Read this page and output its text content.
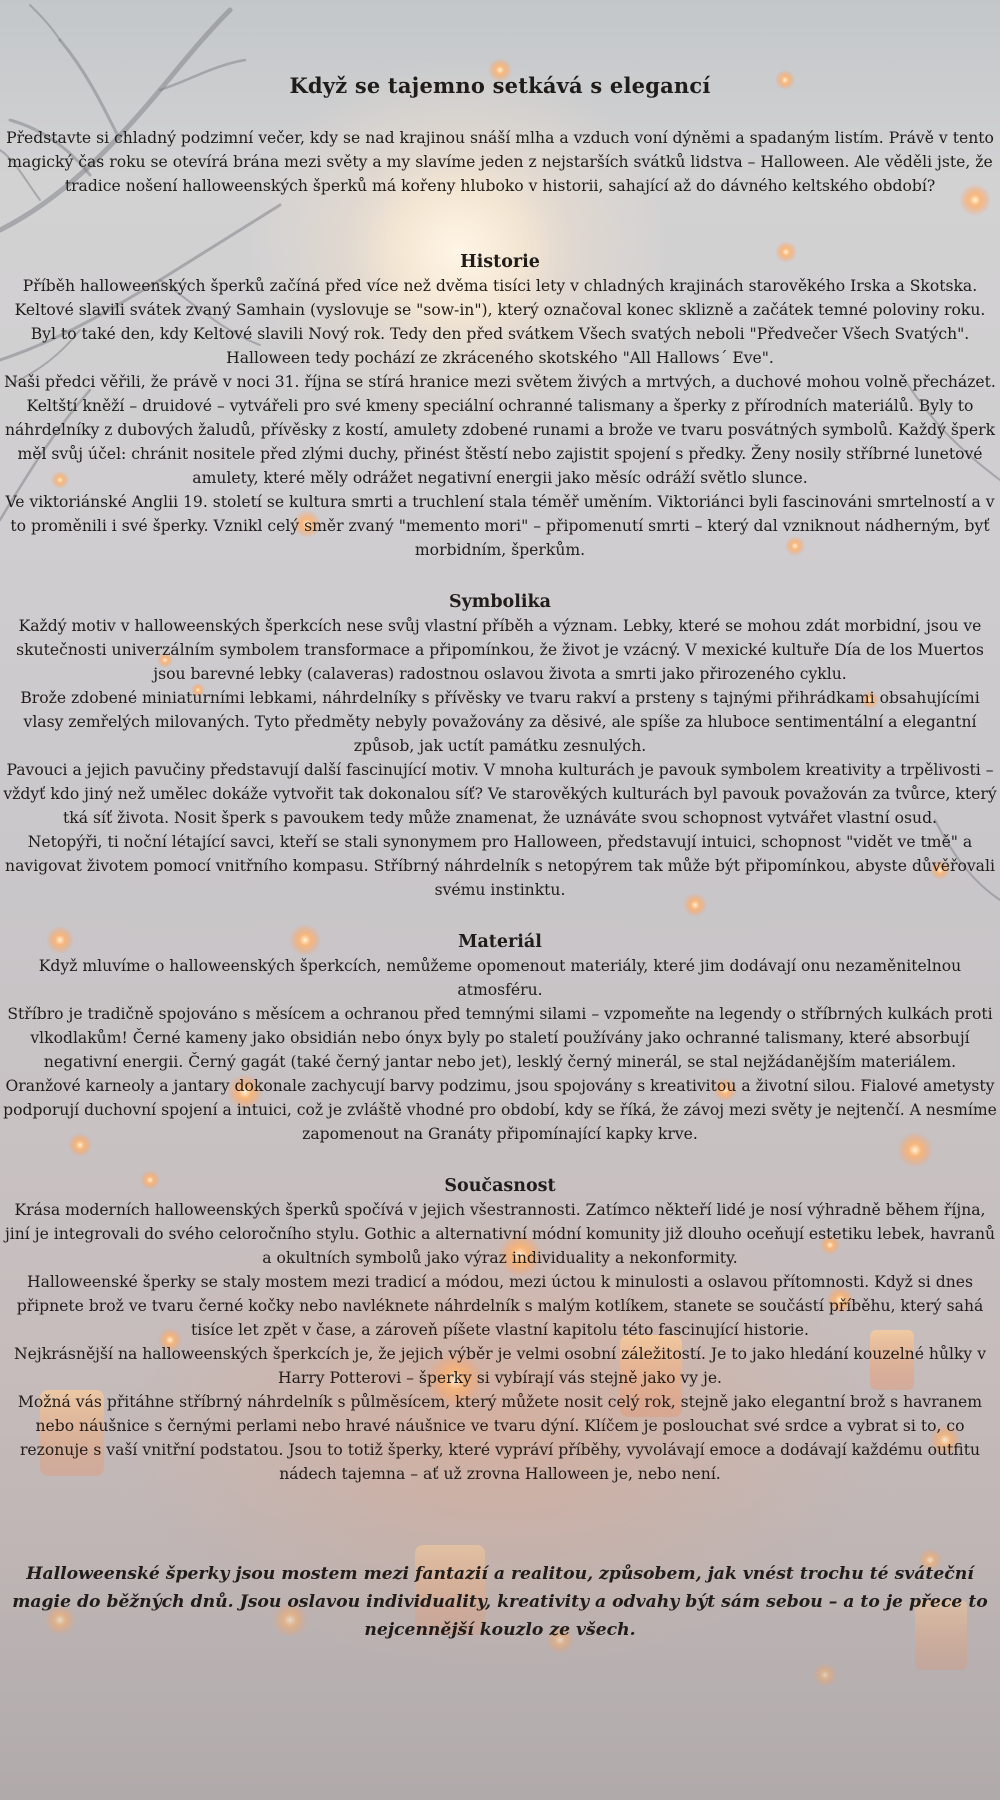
Když se tajemno setkává s elegancí

Představte si chladný podzimní večer, kdy se nad krajinou snáší mlha a vzduch voní dýněmi a spadaným listím. Právě v tento magický čas roku se otevírá brána mezi světy a my slavíme jeden z nejstarších svátků lidstva – Halloween. Ale věděli jste, že tradice nošení halloweenských šperků má kořeny hluboko v historii, sahající až do dávného keltského období?

Historie

Příběh halloweenských šperků začíná před více než dvěma tisíci lety v chladných krajinách starověkého Irska a Skotska. Keltové slavili svátek zvaný Samhain (vyslovuje se "sow-in"), který označoval konec sklizně a začátek temné poloviny roku. Byl to také den, kdy Keltové slavili Nový rok. Tedy den před svátkem Všech svatých neboli "Předvečer Všech Svatých". Halloween tedy pochází ze zkráceného skotského "All Hallows´ Eve".

Naši předci věřili, že právě v noci 31. října se stírá hranice mezi světem živých a mrtvých, a duchové mohou volně přecházet.

Keltští kněží – druidové – vytvářeli pro své kmeny speciální ochranné talismany a šperky z přírodních materiálů. Byly to náhrdelníky z dubových žaludů, přívěsky z kostí, amulety zdobené runami a brože ve tvaru posvátných symbolů. Každý šperk měl svůj účel: chránit nositele před zlými duchy, přinést štěstí nebo zajistit spojení s předky. Ženy nosily stříbrné lunetové amulety, které měly odrážet negativní energii jako měsíc odráží světlo slunce.

Ve viktoriánské Anglii 19. století se kultura smrti a truchlení stala téměř uměním. Viktoriánci byli fascinováni smrtelností a v to proměnili i své šperky. Vznikl celý směr zvaný "memento mori" – připomenutí smrti – který dal vzniknout nádherným, byť morbidním, šperkům.

Symbolika

Každý motiv v halloweenských šperkcích nese svůj vlastní příběh a význam. Lebky, které se mohou zdát morbidní, jsou ve skutečnosti univerzálním symbolem transformace a připomínkou, že život je vzácný. V mexické kultuře Día de los Muertos jsou barevné lebky (calaveras) radostnou oslavou života a smrti jako přirozeného cyklu.

Brože zdobené miniaturními lebkami, náhrdelníky s přívěsky ve tvaru rakví a prsteny s tajnými přihrádkami obsahujícími vlasy zemřelých milovaných. Tyto předměty nebyly považovány za děsivé, ale spíše za hluboce sentimentální a elegantní způsob, jak uctít památku zesnulých.

Pavouci a jejich pavučiny představují další fascinující motiv. V mnoha kulturách je pavouk symbolem kreativity a trpělivosti – vždyť kdo jiný než umělec dokáže vytvořit tak dokonalou síť? Ve starověkých kulturách byl pavouk považován za tvůrce, který tká síť života. Nosit šperk s pavoukem tedy může znamenat, že uznáváte svou schopnost vytvářet vlastní osud.

Netopýři, ti noční létající savci, kteří se stali synonymem pro Halloween, představují intuici, schopnost "vidět ve tmě" a navigovat životem pomocí vnitřního kompasu. Stříbrný náhrdelník s netopýrem tak může být připomínkou, abyste důvěřovali svému instinktu.

Materiál

Když mluvíme o halloweenských šperkcích, nemůžeme opomenout materiály, které jim dodávají onu nezaměnitelnou atmosféru.

Stříbro je tradičně spojováno s měsícem a ochranou před temnými silami – vzpomeňte na legendy o stříbrných kulkách proti vlkodlakům! Černé kameny jako obsidián nebo ónyx byly po staletí používány jako ochranné talismany, které absorbují negativní energii. Černý gagát (také černý jantar nebo jet), lesklý černý minerál, se stal nejžádanějším materiálem.

Oranžové karneoly a jantary dokonale zachycují barvy podzimu, jsou spojovány s kreativitou a životní silou. Fialové ametysty podporují duchovní spojení a intuici, což je zvláště vhodné pro období, kdy se říká, že závoj mezi světy je nejtenčí. A nesmíme zapomenout na Granáty připomínající kapky krve.

Současnost

Krása moderních halloweenských šperků spočívá v jejich všestrannosti. Zatímco někteří lidé je nosí výhradně během října, jiní je integrovali do svého celoročního stylu. Gothic a alternativní módní komunity již dlouho oceňují estetiku lebek, havranů a okultních symbolů jako výraz individuality a nekonformity.

Halloweenské šperky se staly mostem mezi tradicí a módou, mezi úctou k minulosti a oslavou přítomnosti. Když si dnes připnete brož ve tvaru černé kočky nebo navléknete náhrdelník s malým kotlíkem, stanete se součástí příběhu, který sahá tisíce let zpět v čase, a zároveň píšete vlastní kapitolu této fascinující historie.

Nejkrásnější na halloweenských šperkcích je, že jejich výběr je velmi osobní záležitostí. Je to jako hledání kouzelné hůlky v Harry Potterovi – šperky si vybírají vás stejně jako vy je.

Možná vás přitáhne stříbrný náhrdelník s půlměsícem, který můžete nosit celý rok, stejně jako elegantní brož s havranem nebo náušnice s černými perlami nebo hravé náušnice ve tvaru dýní. Klíčem je poslouchat své srdce a vybrat si to, co rezonuje s vaší vnitřní podstatou. Jsou to totiž šperky, které vypráví příběhy, vyvolávají emoce a dodávají každému outfitu nádech tajemna – ať už zrovna Halloween je, nebo není.

Halloweenské šperky jsou mostem mezi fantazií a realitou, způsobem, jak vnést trochu té sváteční magie do běžných dnů. Jsou oslavou individuality, kreativity a odvahy být sám sebou – a to je přece to nejcennější kouzlo ze všech.
